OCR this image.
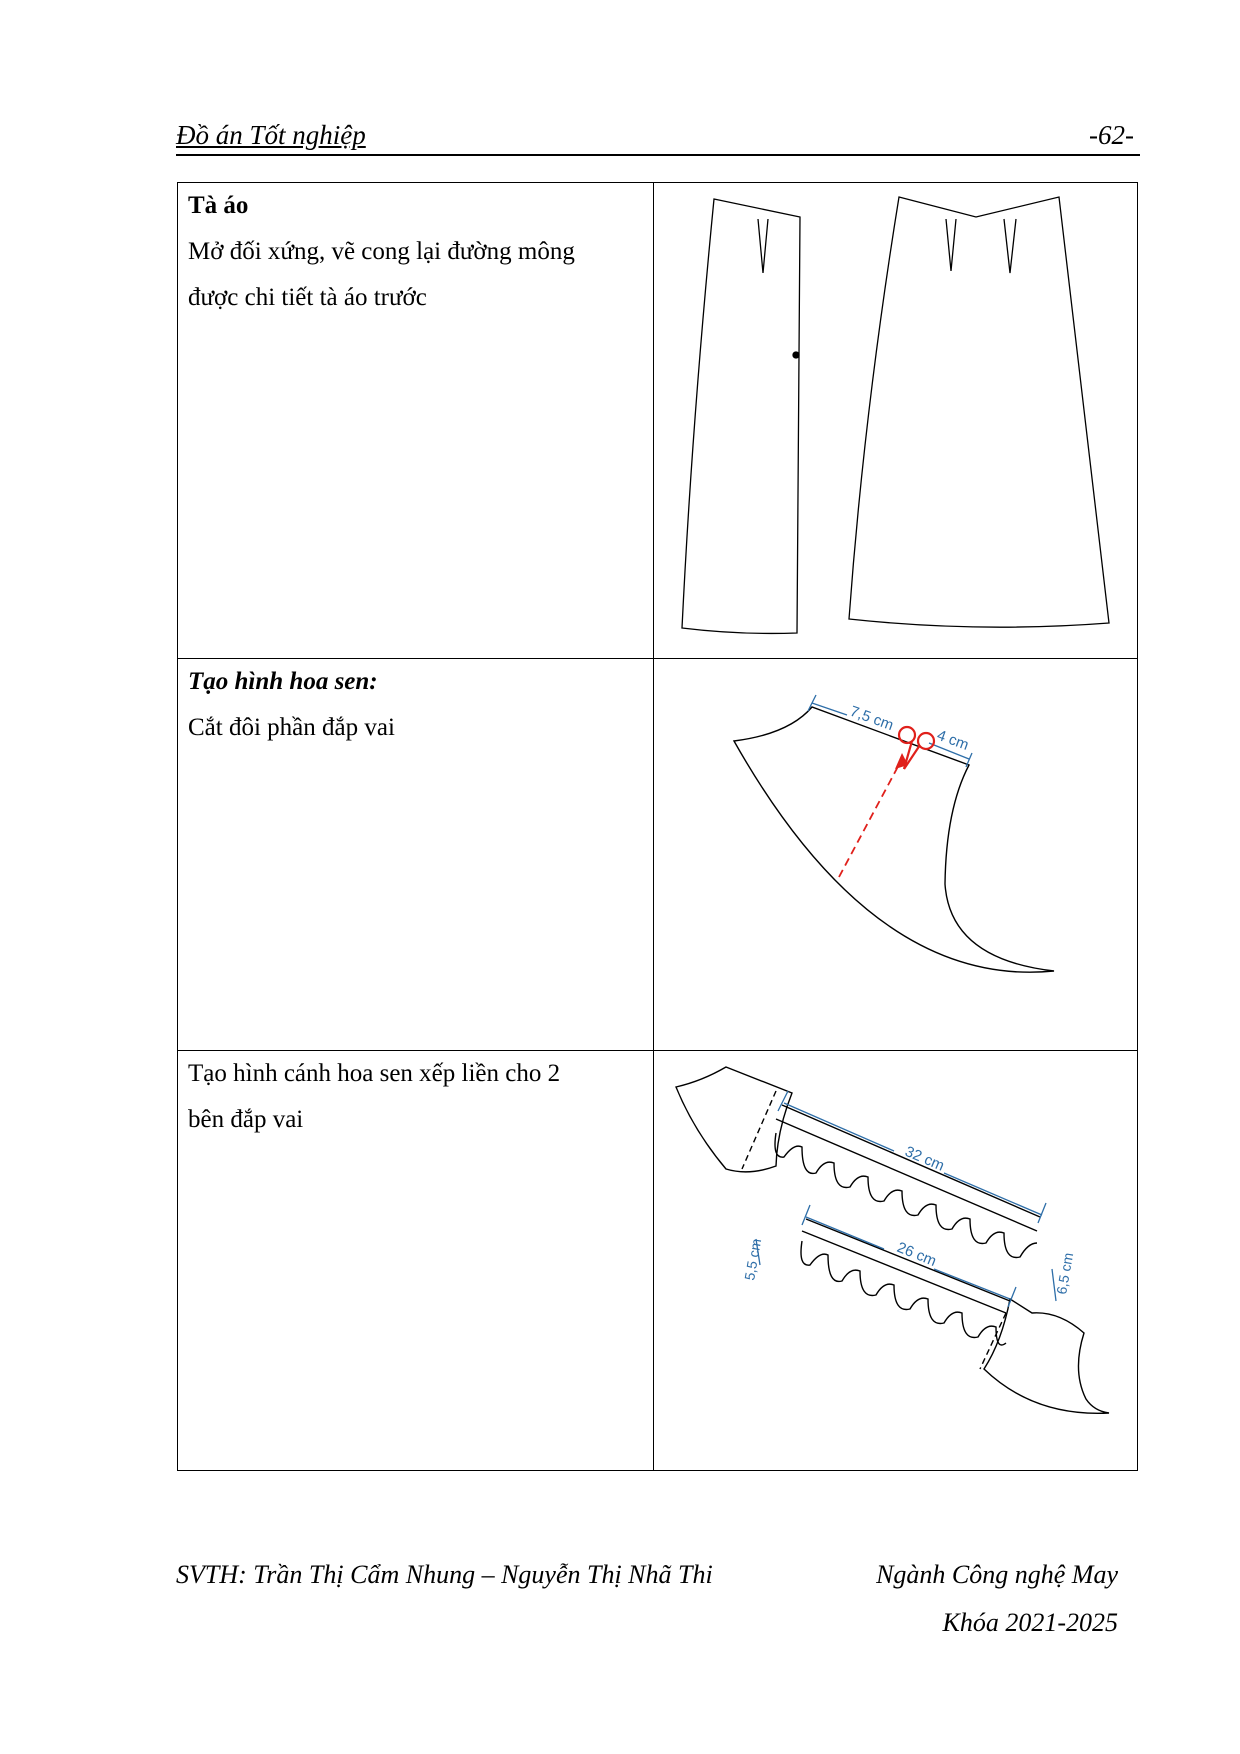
Đồ án Tốt nghiệp	-62-
Tà áo
Mở đối xứng, vẽ cong lại đường mông
được chi tiết tà áo trước

Tạo hình hoa sen:
Cắt đôi phần đắp vai	7,5 cm
4 cm

Tạo hình cánh hoa sen xếp liền cho 2
bên đắp vai	32 cm
26 cm
5,5 cm 6,5 cm
SVTH: Trần Thị Cẩm Nhung – Nguyễn Thị Nhã Thi	Ngành Công nghệ May
Khóa 2021-2025
